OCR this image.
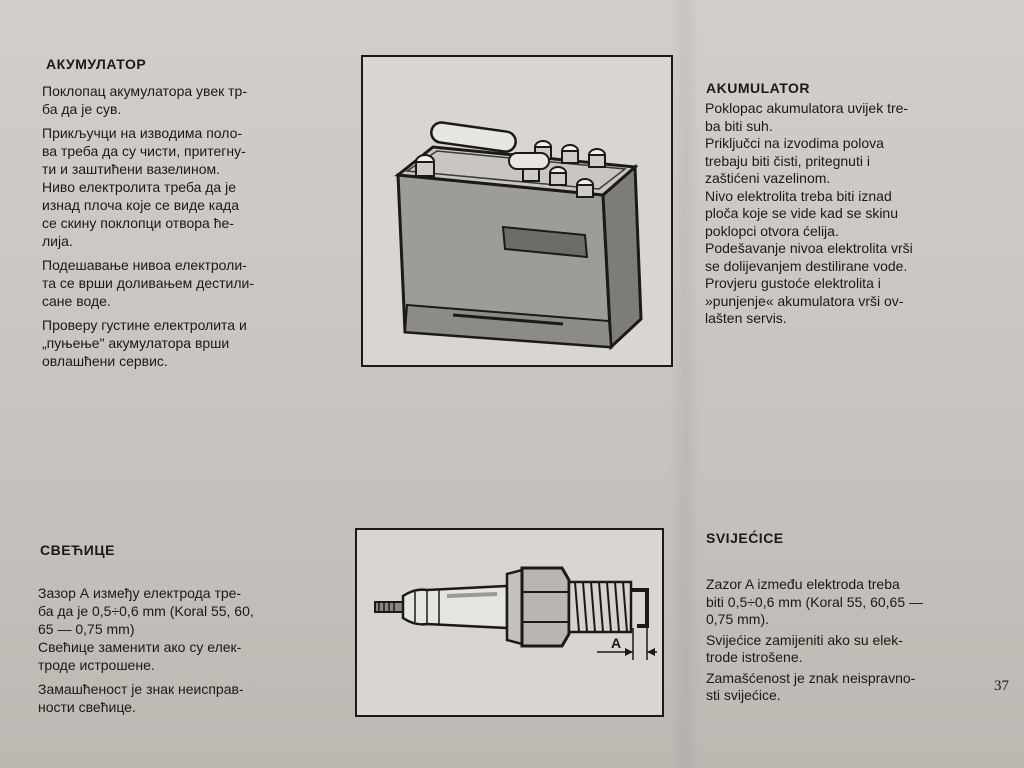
АКУМУЛАТОР
Поклопац акумулатора увек тр-
ба да је сув.
Прикључци на изводима поло-
ва треба да су чисти, притегну-
ти и заштићени вазелином.
Ниво електролита треба да је
изнад плоча које се виде када
се скину поклопци отвора ће-
лија.
Подешавање нивоа електроли-
та се врши доливањем дестили-
сане воде.
Проверу густине електролита и
„пуњење" акумулатора врши
овлашћени сервис.
AKUMULATOR
Poklopac akumulatora uvijek tre-
ba biti suh.
Priključci na izvodima polova
trebaju biti čisti, pritegnuti i
zaštićeni vazelinom.
Nivo elektrolita treba biti iznad
ploča koje se vide kad se skinu
poklopci otvora ćelija.
Podešavanje nivoa elektrolita vrši
se dolijevanjem destilirane vode.
Provjeru gustoće elektrolita i
»punjenje« akumulatora vrši ov-
lašten servis.
СВЕЋИЦЕ
Зазор А између електрода тре-
ба да је 0,5÷0,6 mm (Koral 55, 60,
65 — 0,75 mm)
Свећице заменити ако су елек-
троде истрошене.
Замашћеност је знак неисправ-
ности свећице.
A
SVIJEĆICE
Zazor A između elektroda treba
biti 0,5÷0,6 mm (Koral 55, 60,65 —
0,75 mm).
Svijećice zamijeniti ako su elek-
trode istrošene.
Zamašćenost je znak neispravno-
sti svijećice.
37
